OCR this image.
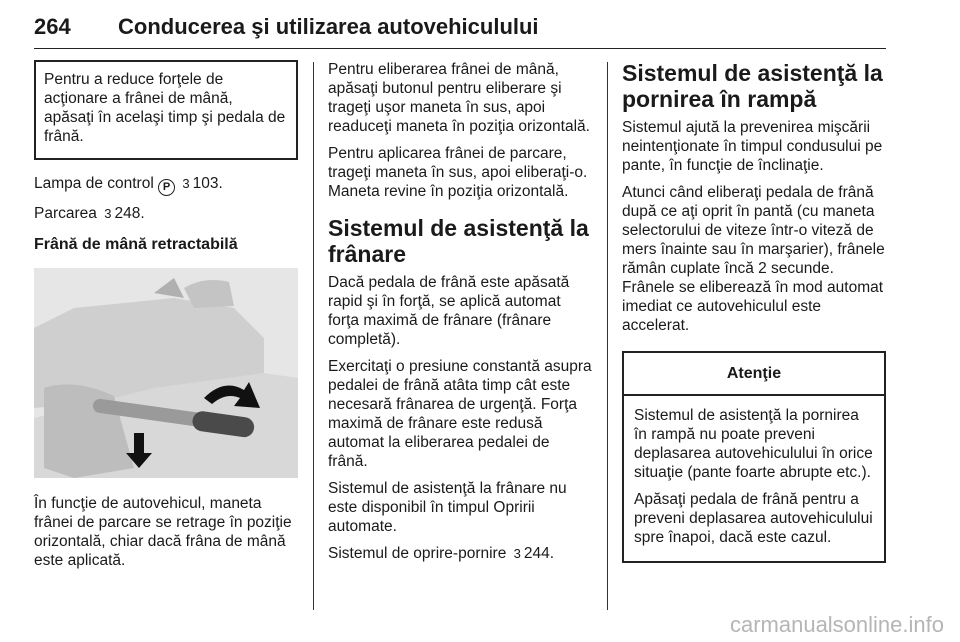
264 Conducerea şi utilizarea autovehiculului
Pentru a reduce forţele de acţionare a frânei de mână, apăsaţi în acelaşi timp şi pedala de frână.

Lampa de control P 3 103.

Parcarea 3 248.

Frână de mână retractabilă

În funcţie de autovehicul, maneta frânei de parcare se retrage în poziţie orizontală, chiar dacă frâna de mână este aplicată.

Pentru eliberarea frânei de mână, apăsaţi butonul pentru eliberare şi trageţi uşor maneta în sus, apoi readuceţi maneta în poziţia orizontală.

Pentru aplicarea frânei de parcare, trageţi maneta în sus, apoi eliberaţi-o. Maneta revine în poziţia orizontală.

Sistemul de asistenţă la frânare

Dacă pedala de frână este apăsată rapid şi în forţă, se aplică automat forţa maximă de frânare (frânare completă).

Exercitaţi o presiune constantă asupra pedalei de frână atâta timp cât este necesară frânarea de urgenţă. Forţa maximă de frânare este redusă automat la eliberarea pedalei de frână.

Sistemul de asistenţă la frânare nu este disponibil în timpul Opririi automate.

Sistemul de oprire-pornire 3 244.

Sistemul de asistenţă la pornirea în rampă

Sistemul ajută la prevenirea mişcării neintenţionate în timpul condusului pe pante, în funcţie de înclinaţie.

Atunci când eliberaţi pedala de frână după ce aţi oprit în pantă (cu maneta selectorului de viteze într-o viteză de mers înainte sau în marşarier), frânele rămân cuplate încă 2 secunde. Frânele se eliberează în mod automat imediat ce autovehiculul este accelerat.

Atenţie

Sistemul de asistenţă la pornirea în rampă nu poate preveni deplasarea autovehiculului în orice situaţie (pante foarte abrupte etc.).

Apăsaţi pedala de frână pentru a preveni deplasarea autovehiculului spre înapoi, dacă este cazul.

carmanualsonline.info
